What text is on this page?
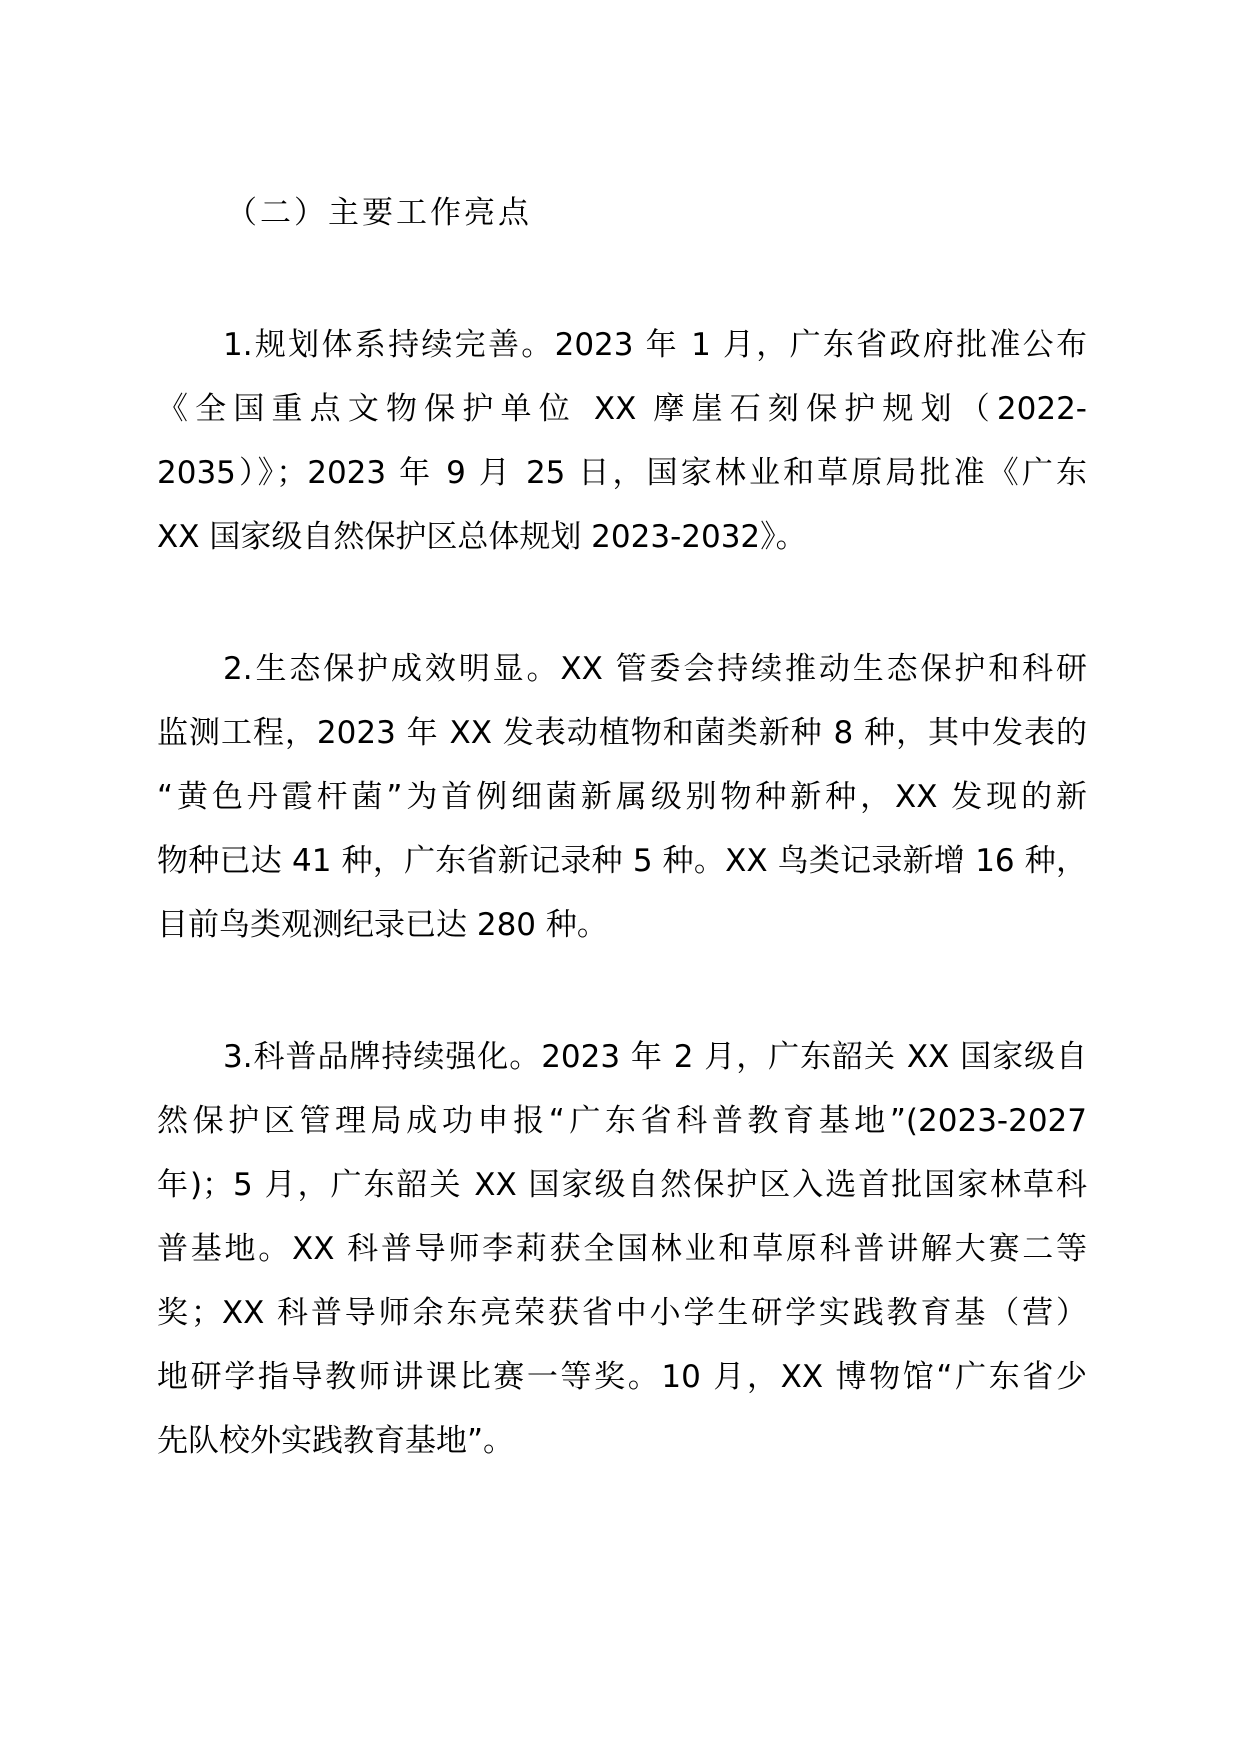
（二）主要工作亮点
1.规划体系持续完善。2023 年 1 月，广东省政府批准公布
《全国重点文物保护单位 XX 摩崖石刻保护规划（2022-
2035）》；2023 年 9 月 25 日，国家林业和草原局批准《广东
XX 国家级自然保护区总体规划 2023-2032》。
2.生态保护成效明显。XX 管委会持续推动生态保护和科研
监测工程，2023 年 XX 发表动植物和菌类新种 8 种，其中发表的
“黄色丹霞杆菌”为首例细菌新属级别物种新种，XX 发现的新
物种已达 41 种，广东省新记录种 5 种。XX 鸟类记录新增 16 种，
目前鸟类观测纪录已达 280 种。
3.科普品牌持续强化。2023 年 2 月，广东韶关 XX 国家级自
然保护区管理局成功申报“广东省科普教育基地”(2023-2027
年)；5 月，广东韶关 XX 国家级自然保护区入选首批国家林草科
普基地。XX 科普导师李莉获全国林业和草原科普讲解大赛二等
奖；XX 科普导师余东亮荣获省中小学生研学实践教育基（营）
地研学指导教师讲课比赛一等奖。10 月，XX 博物馆“广东省少
先队校外实践教育基地”。
